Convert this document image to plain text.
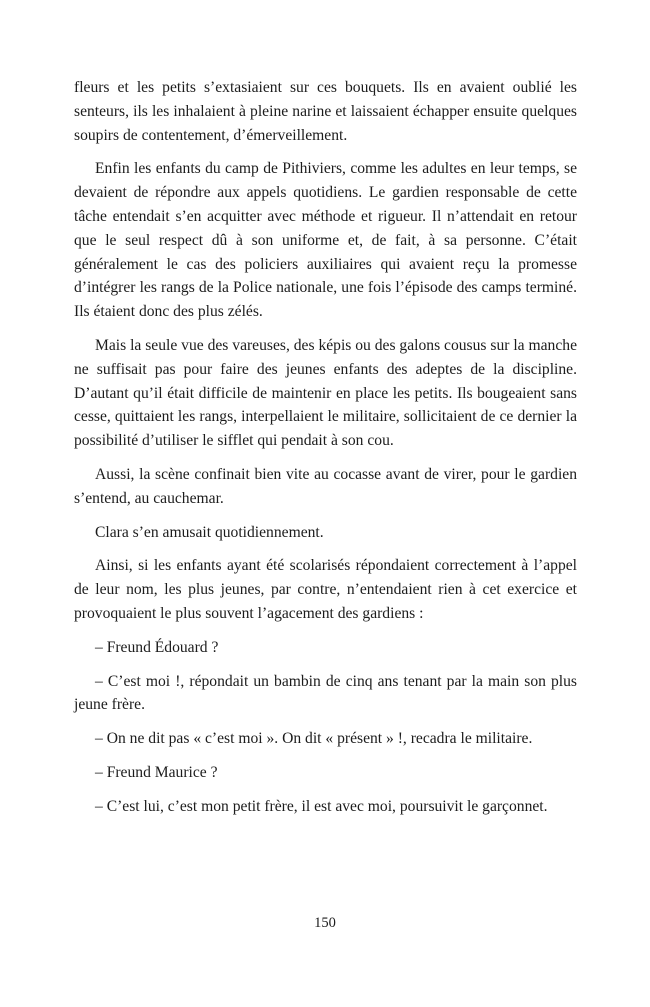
fleurs et les petits s’extasiaient sur ces bouquets. Ils en avaient oublié les senteurs, ils les inhalaient à pleine narine et laissaient échapper ensuite quelques soupirs de contentement, d’émerveillement.

Enfin les enfants du camp de Pithiviers, comme les adultes en leur temps, se devaient de répondre aux appels quotidiens. Le gardien responsable de cette tâche entendait s’en acquitter avec méthode et rigueur. Il n’attendait en retour que le seul respect dû à son uniforme et, de fait, à sa personne. C’était généralement le cas des policiers auxiliaires qui avaient reçu la promesse d’intégrer les rangs de la Police nationale, une fois l’épisode des camps terminé. Ils étaient donc des plus zélés.

Mais la seule vue des vareuses, des képis ou des galons cousus sur la manche ne suffisait pas pour faire des jeunes enfants des adeptes de la discipline. D’autant qu’il était difficile de maintenir en place les petits. Ils bougeaient sans cesse, quittaient les rangs, interpellaient le militaire, sollicitaient de ce dernier la possibilité d’utiliser le sifflet qui pendait à son cou.

Aussi, la scène confinait bien vite au cocasse avant de virer, pour le gardien s’entend, au cauchemar.

Clara s’en amusait quotidiennement.

Ainsi, si les enfants ayant été scolarisés répondaient correctement à l’appel de leur nom, les plus jeunes, par contre, n’entendaient rien à cet exercice et provoquaient le plus souvent l’agacement des gardiens :

– Freund Édouard ?

– C’est moi !, répondait un bambin de cinq ans tenant par la main son plus jeune frère.

– On ne dit pas « c’est moi ». On dit « présent » !, recadra le militaire.

– Freund Maurice ?

– C’est lui, c’est mon petit frère, il est avec moi, poursuivit le garçonnet.

150
